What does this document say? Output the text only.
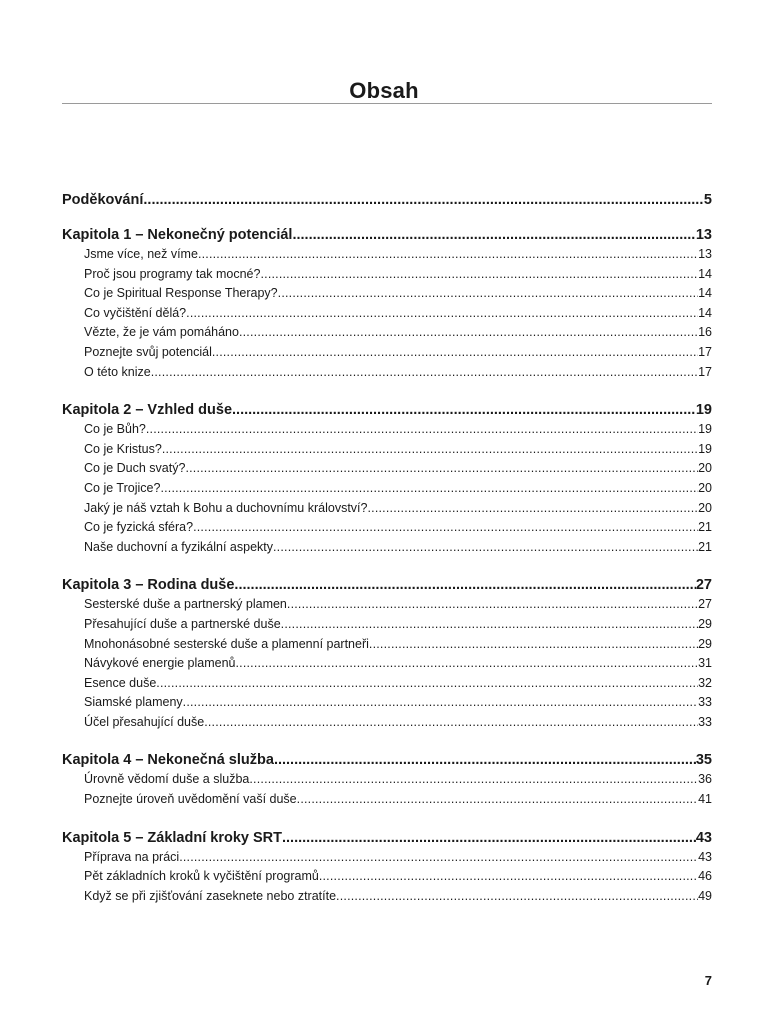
Obsah
Poděkování .....	5
Kapitola 1 – Nekonečný potenciál .....	13
Jsme více, než víme .....	13
Proč jsou programy tak mocné? .....	14
Co je Spiritual Response Therapy? .....	14
Co vyčištění dělá? .....	14
Vězte, že je vám pomáháno .....	16
Poznejte svůj potenciál .....	17
O této knize .....	17
Kapitola 2 – Vzhled duše .....	19
Co je Bůh? .....	19
Co je Kristus? .....	19
Co je Duch svatý? .....	20
Co je Trojice? .....	20
Jaký je náš vztah k Bohu a duchovnímu království? .....	20
Co je fyzická sféra? .....	21
Naše duchovní a fyzikální aspekty .....	21
Kapitola 3 – Rodina duše .....	27
Sesterské duše a partnerský plamen .....	27
Přesahující duše a partnerské duše .....	29
Mnohonásobné sesterské duše a plamenní partneři .....	29
Návykové energie plamenů .....	31
Esence duše .....	32
Siamské plameny .....	33
Účel přesahující duše .....	33
Kapitola 4 – Nekonečná služba .....	35
Úrovně vědomí duše a služba .....	36
Poznejte úroveň uvědomění vaší duše .....	41
Kapitola 5 – Základní kroky SRT .....	43
Příprava na práci .....	43
Pět základních kroků k vyčištění programů .....	46
Když se při zjišťování zaseknete nebo ztratíte .....	49
7
